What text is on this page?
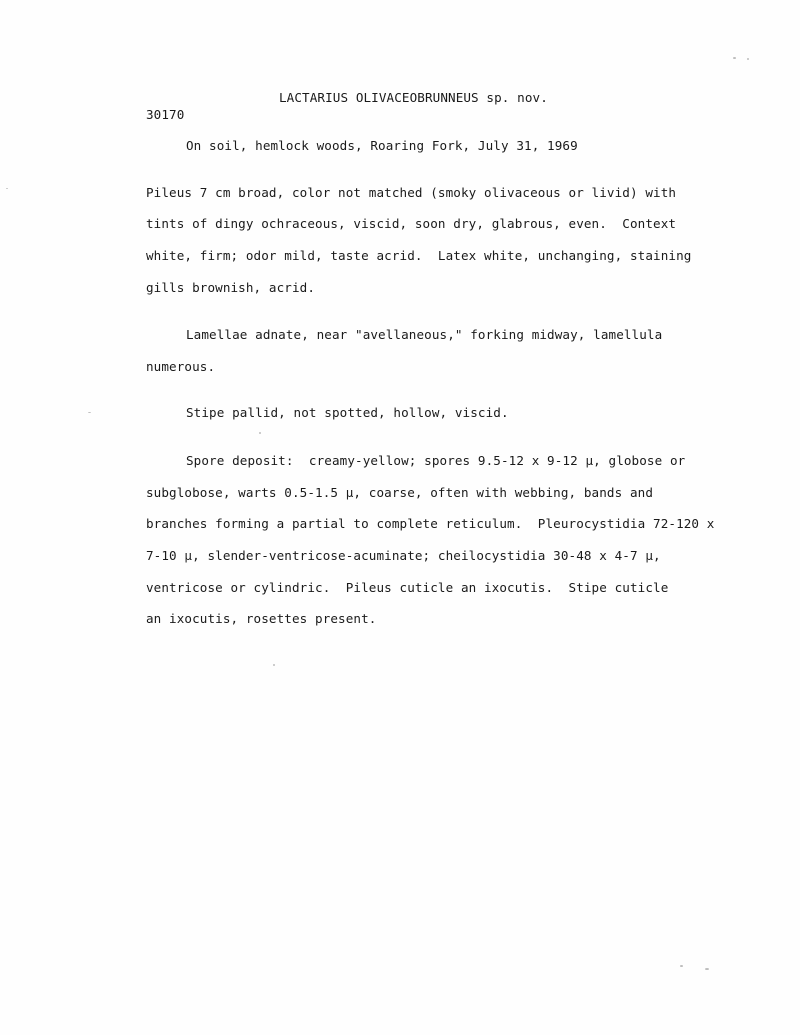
LACTARIUS OLIVACEOBRUNNEUS sp. nov.
30170
On soil, hemlock woods, Roaring Fork, July 31, 1969
Pileus 7 cm broad, color not matched (smoky olivaceous or livid) with
tints of dingy ochraceous, viscid, soon dry, glabrous, even.  Context
white, firm; odor mild, taste acrid.  Latex white, unchanging, staining
gills brownish, acrid.
Lamellae adnate, near "avellaneous," forking midway, lamellula
numerous.
Stipe pallid, not spotted, hollow, viscid.
Spore deposit:  creamy-yellow; spores 9.5-12 x 9-12 µ, globose or
subglobose, warts 0.5-1.5 µ, coarse, often with webbing, bands and
branches forming a partial to complete reticulum.  Pleurocystidia 72-120 x
7-10 µ, slender-ventricose-acuminate; cheilocystidia 30-48 x 4-7 µ,
ventricose or cylindric.  Pileus cuticle an ixocutis.  Stipe cuticle
an ixocutis, rosettes present.
